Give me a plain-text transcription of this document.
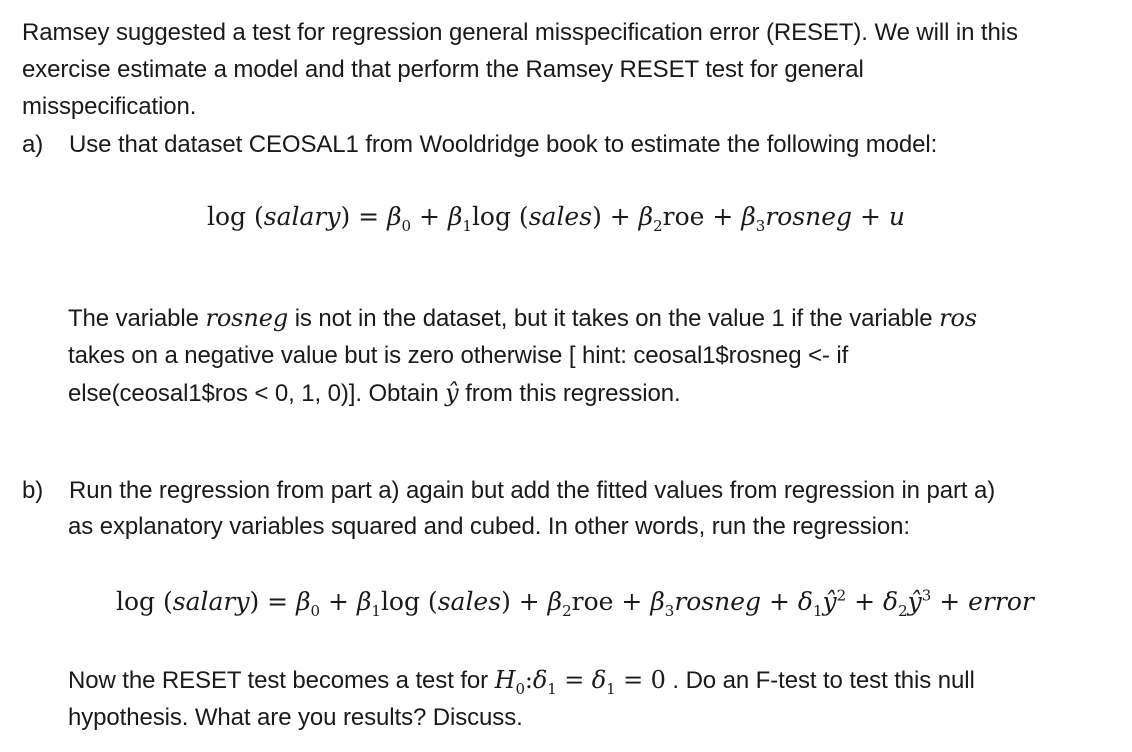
Ramsey suggested a test for regression general misspecification error (RESET). We will in this
exercise estimate a model and that perform the Ramsey RESET test for general
misspecification.
a) Use that dataset CEOSAL1 from Wooldridge book to estimate the following model:
log (salary) = $\beta_0 + \beta_1\log$ (sales) + $\beta_2roe$ + $\beta_3rosneg + u$
The variable rosneg is not in the dataset, but it takes on the value 1 if the variable ros
takes on a negative value but is zero otherwise [ hint: ceosal1$rosneg <- if
else(ceosal1$ros < 0, 1, 0)]. Obtain ŷ from this regression.
b) Run the regression from part a) again but add the fitted values from regression in part a)
as explanatory variables squared and cubed. In other words, run the regression:
log (salary) = $\beta_0 + \beta_1\log$ (sales) + $\beta_2roe$ + $\beta_3rosneg$ + $\delta_1ŷ^2$ + $\delta_2ŷ^3$ + error
Now the RESET test becomes a test for $H_0:\delta_1 = \delta_1 = 0$ . Do an F-test to test this null
hypothesis. What are you results? Discuss.
